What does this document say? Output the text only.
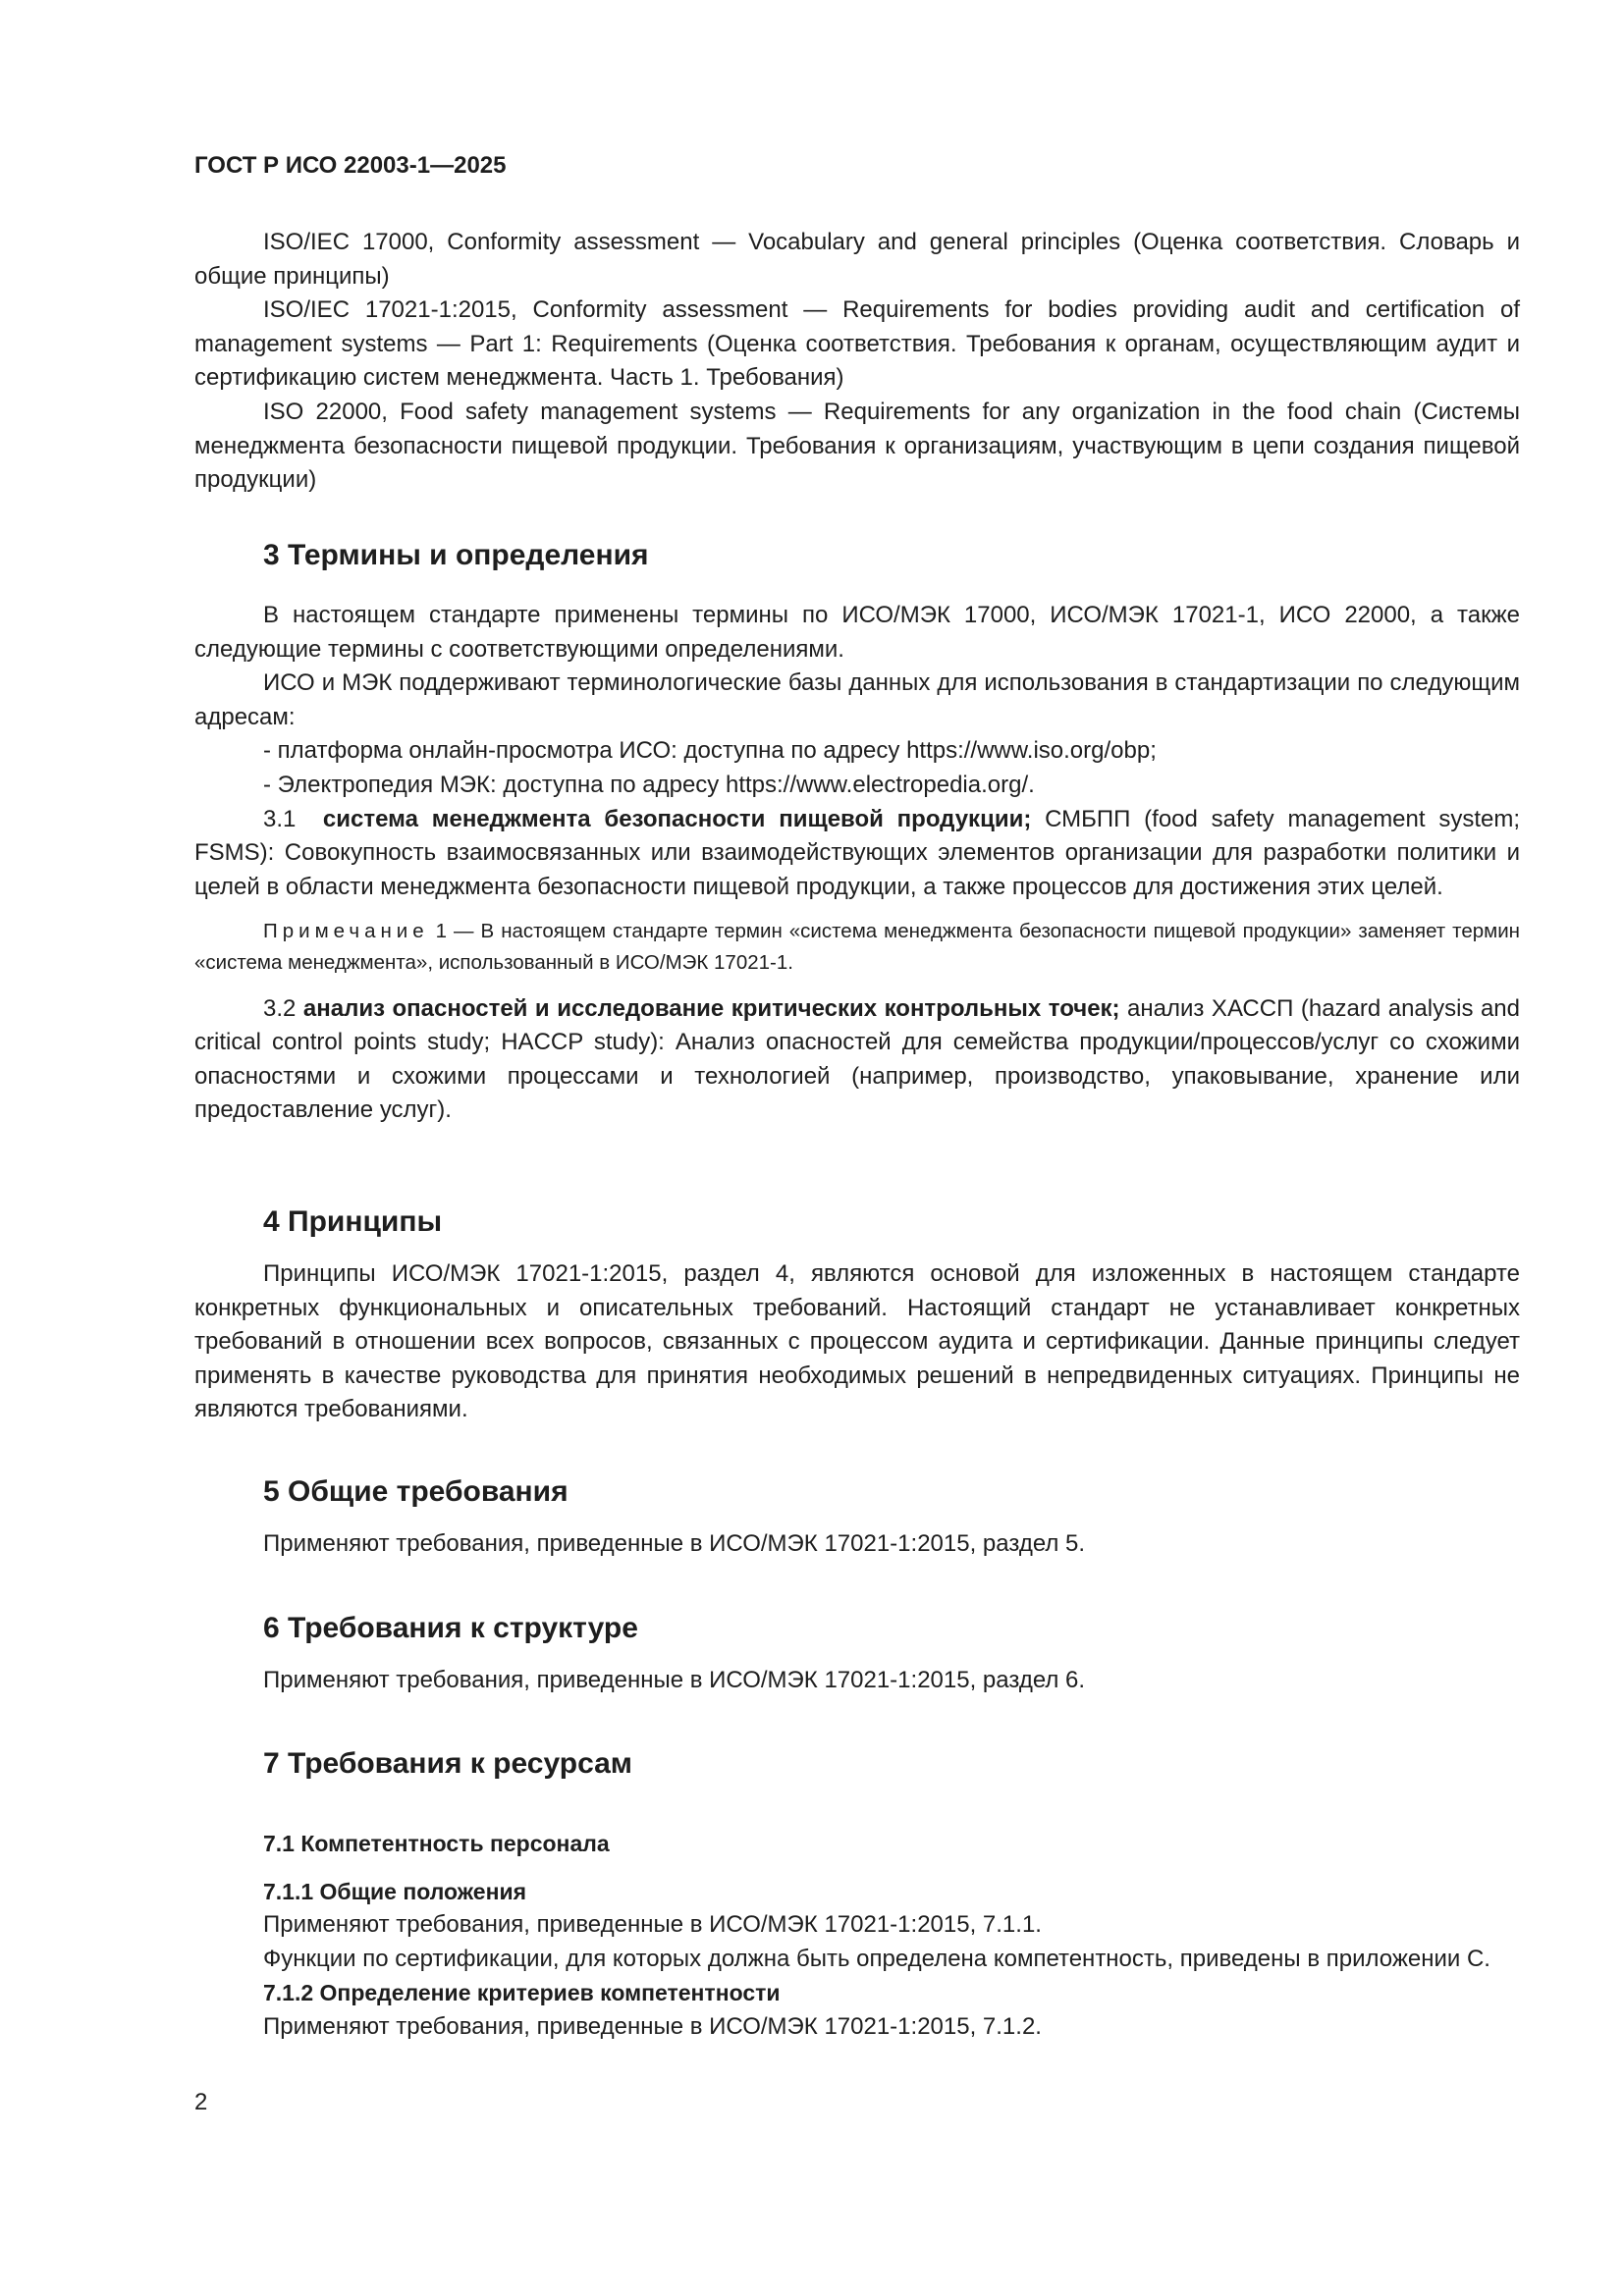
ГОСТ Р ИСО 22003-1—2025

ISO/IEC 17000, Conformity assessment — Vocabulary and general principles (Оценка соответствия. Словарь и общие принципы)

ISO/IEC 17021-1:2015, Conformity assessment — Requirements for bodies providing audit and certification of management systems — Part 1: Requirements (Оценка соответствия. Требования к органам, осуществляющим аудит и сертификацию систем менеджмента. Часть 1. Требования)

ISO 22000, Food safety management systems — Requirements for any organization in the food chain (Системы менеджмента безопасности пищевой продукции. Требования к организациям, участвующим в цепи создания пищевой продукции)

3 Термины и определения

В настоящем стандарте применены термины по ИСО/МЭК 17000, ИСО/МЭК 17021-1, ИСО 22000, а также следующие термины с соответствующими определениями.

ИСО и МЭК поддерживают терминологические базы данных для использования в стандартизации по следующим адресам:

- платформа онлайн-просмотра ИСО: доступна по адресу https://www.iso.org/obp;

- Электропедия МЭК: доступна по адресу https://www.electropedia.org/.

3.1 система менеджмента безопасности пищевой продукции; СМБПП (food safety management system; FSMS): Совокупность взаимосвязанных или взаимодействующих элементов организации для разработки политики и целей в области менеджмента безопасности пищевой продукции, а также процессов для достижения этих целей.

Примечание 1 — В настоящем стандарте термин «система менеджмента безопасности пищевой продукции» заменяет термин «система менеджмента», использованный в ИСО/МЭК 17021-1.

3.2 анализ опасностей и исследование критических контрольных точек; анализ ХАССП (hazard analysis and critical control points study; HACCP study): Анализ опасностей для семейства продукции/процессов/услуг со схожими опасностями и схожими процессами и технологией (например, производство, упаковывание, хранение или предоставление услуг).

4 Принципы

Принципы ИСО/МЭК 17021-1:2015, раздел 4, являются основой для изложенных в настоящем стандарте конкретных функциональных и описательных требований. Настоящий стандарт не устанавливает конкретных требований в отношении всех вопросов, связанных с процессом аудита и сертификации. Данные принципы следует применять в качестве руководства для принятия необходимых решений в непредвиденных ситуациях. Принципы не являются требованиями.

5 Общие требования

Применяют требования, приведенные в ИСО/МЭК 17021-1:2015, раздел 5.

6 Требования к структуре

Применяют требования, приведенные в ИСО/МЭК 17021-1:2015, раздел 6.

7 Требования к ресурсам
7.1 Компетентность персонала
7.1.1 Общие положения

Применяют требования, приведенные в ИСО/МЭК 17021-1:2015, 7.1.1.

Функции по сертификации, для которых должна быть определена компетентность, приведены в приложении С.

7.1.2 Определение критериев компетентности

Применяют требования, приведенные в ИСО/МЭК 17021-1:2015, 7.1.2.

2
